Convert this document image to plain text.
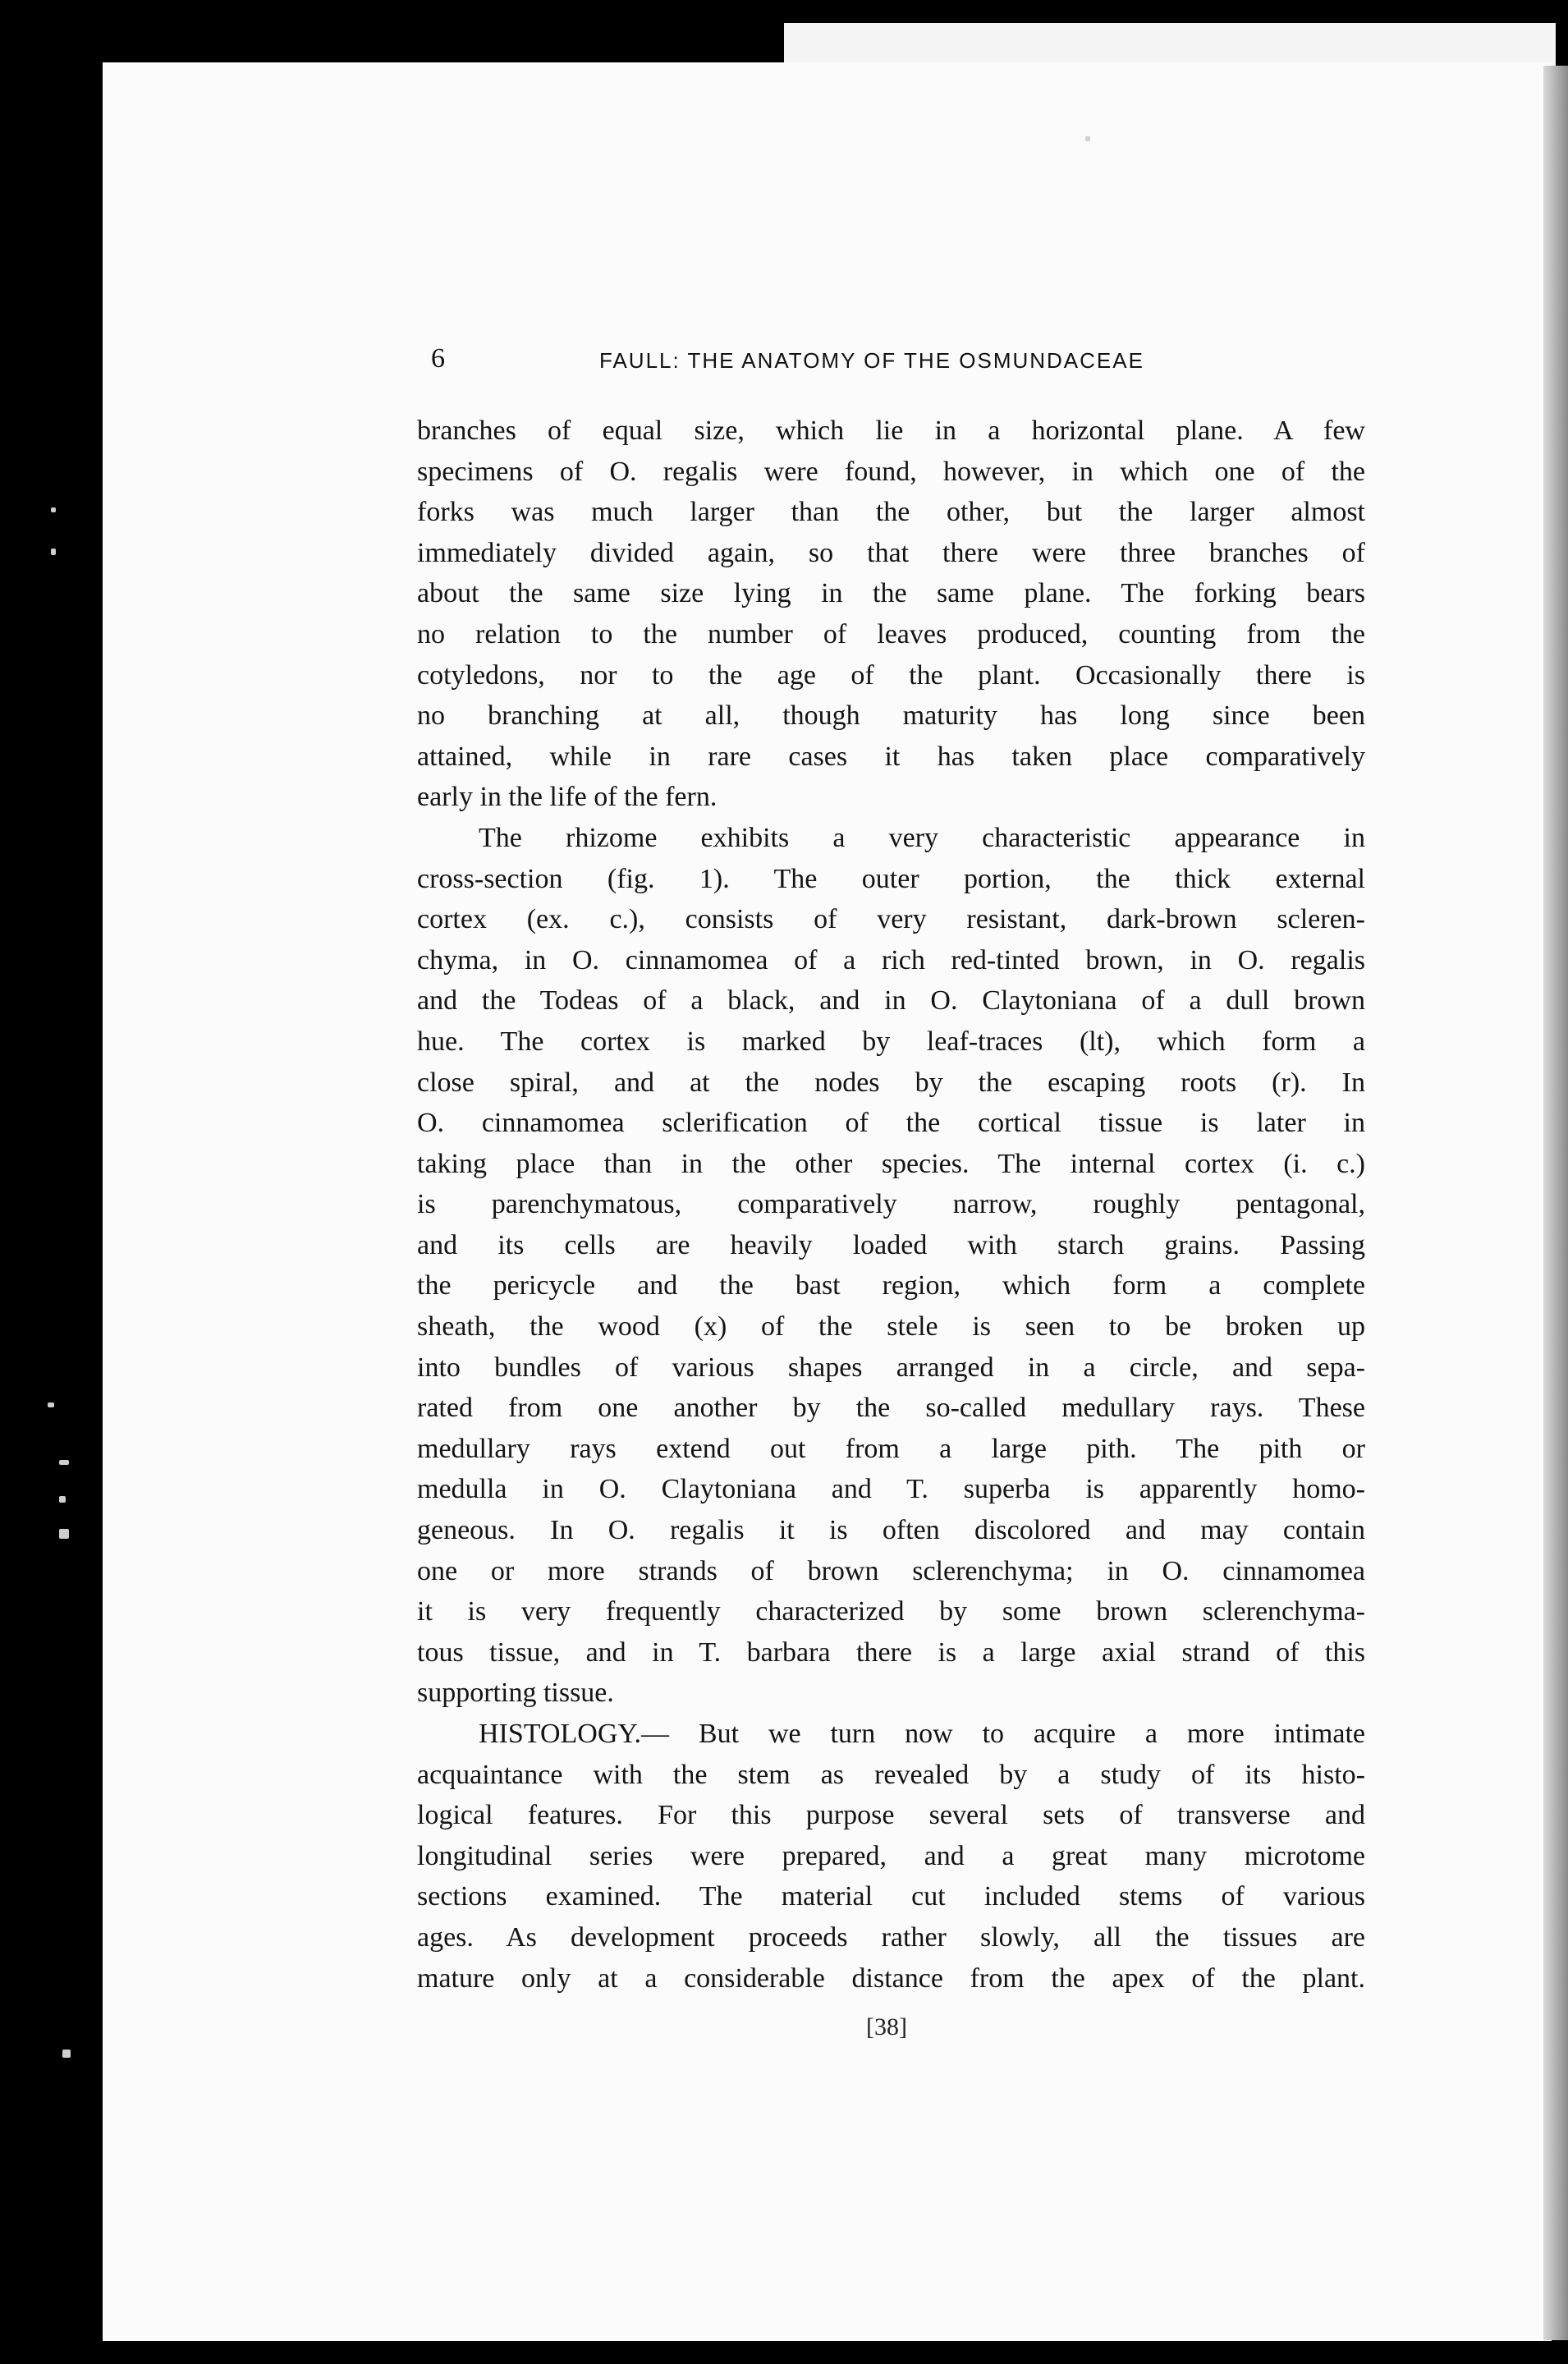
6	FAULL: THE ANATOMY OF THE OSMUNDACEAE
branches of equal size, which lie in a horizontal plane. A few
specimens of O. regalis were found, however, in which one of the
forks was much larger than the other, but the larger almost
immediately divided again, so that there were three branches of
about the same size lying in the same plane. The forking bears
no relation to the number of leaves produced, counting from the
cotyledons, nor to the age of the plant. Occasionally there is
no branching at all, though maturity has long since been
attained, while in rare cases it has taken place comparatively
early in the life of the fern.
The rhizome exhibits a very characteristic appearance in
cross-section (fig. 1). The outer portion, the thick external
cortex (ex. c.), consists of very resistant, dark-brown scleren-
chyma, in O. cinnamomea of a rich red-tinted brown, in O. regalis
and the Todeas of a black, and in O. Claytoniana of a dull brown
hue. The cortex is marked by leaf-traces (lt), which form a
close spiral, and at the nodes by the escaping roots (r). In
O. cinnamomea sclerification of the cortical tissue is later in
taking place than in the other species. The internal cortex (i. c.)
is parenchymatous, comparatively narrow, roughly pentagonal,
and its cells are heavily loaded with starch grains. Passing
the pericycle and the bast region, which form a complete
sheath, the wood (x) of the stele is seen to be broken up
into bundles of various shapes arranged in a circle, and sepa-
rated from one another by the so-called medullary rays. These
medullary rays extend out from a large pith. The pith or
medulla in O. Claytoniana and T. superba is apparently homo-
geneous. In O. regalis it is often discolored and may contain
one or more strands of brown sclerenchyma; in O. cinnamomea
it is very frequently characterized by some brown sclerenchyma-
tous tissue, and in T. barbara there is a large axial strand of this
supporting tissue.
HISTOLOGY.— But we turn now to acquire a more intimate
acquaintance with the stem as revealed by a study of its histo-
logical features. For this purpose several sets of transverse and
longitudinal series were prepared, and a great many microtome
sections examined. The material cut included stems of various
ages. As development proceeds rather slowly, all the tissues are
mature only at a considerable distance from the apex of the plant.
[38]
